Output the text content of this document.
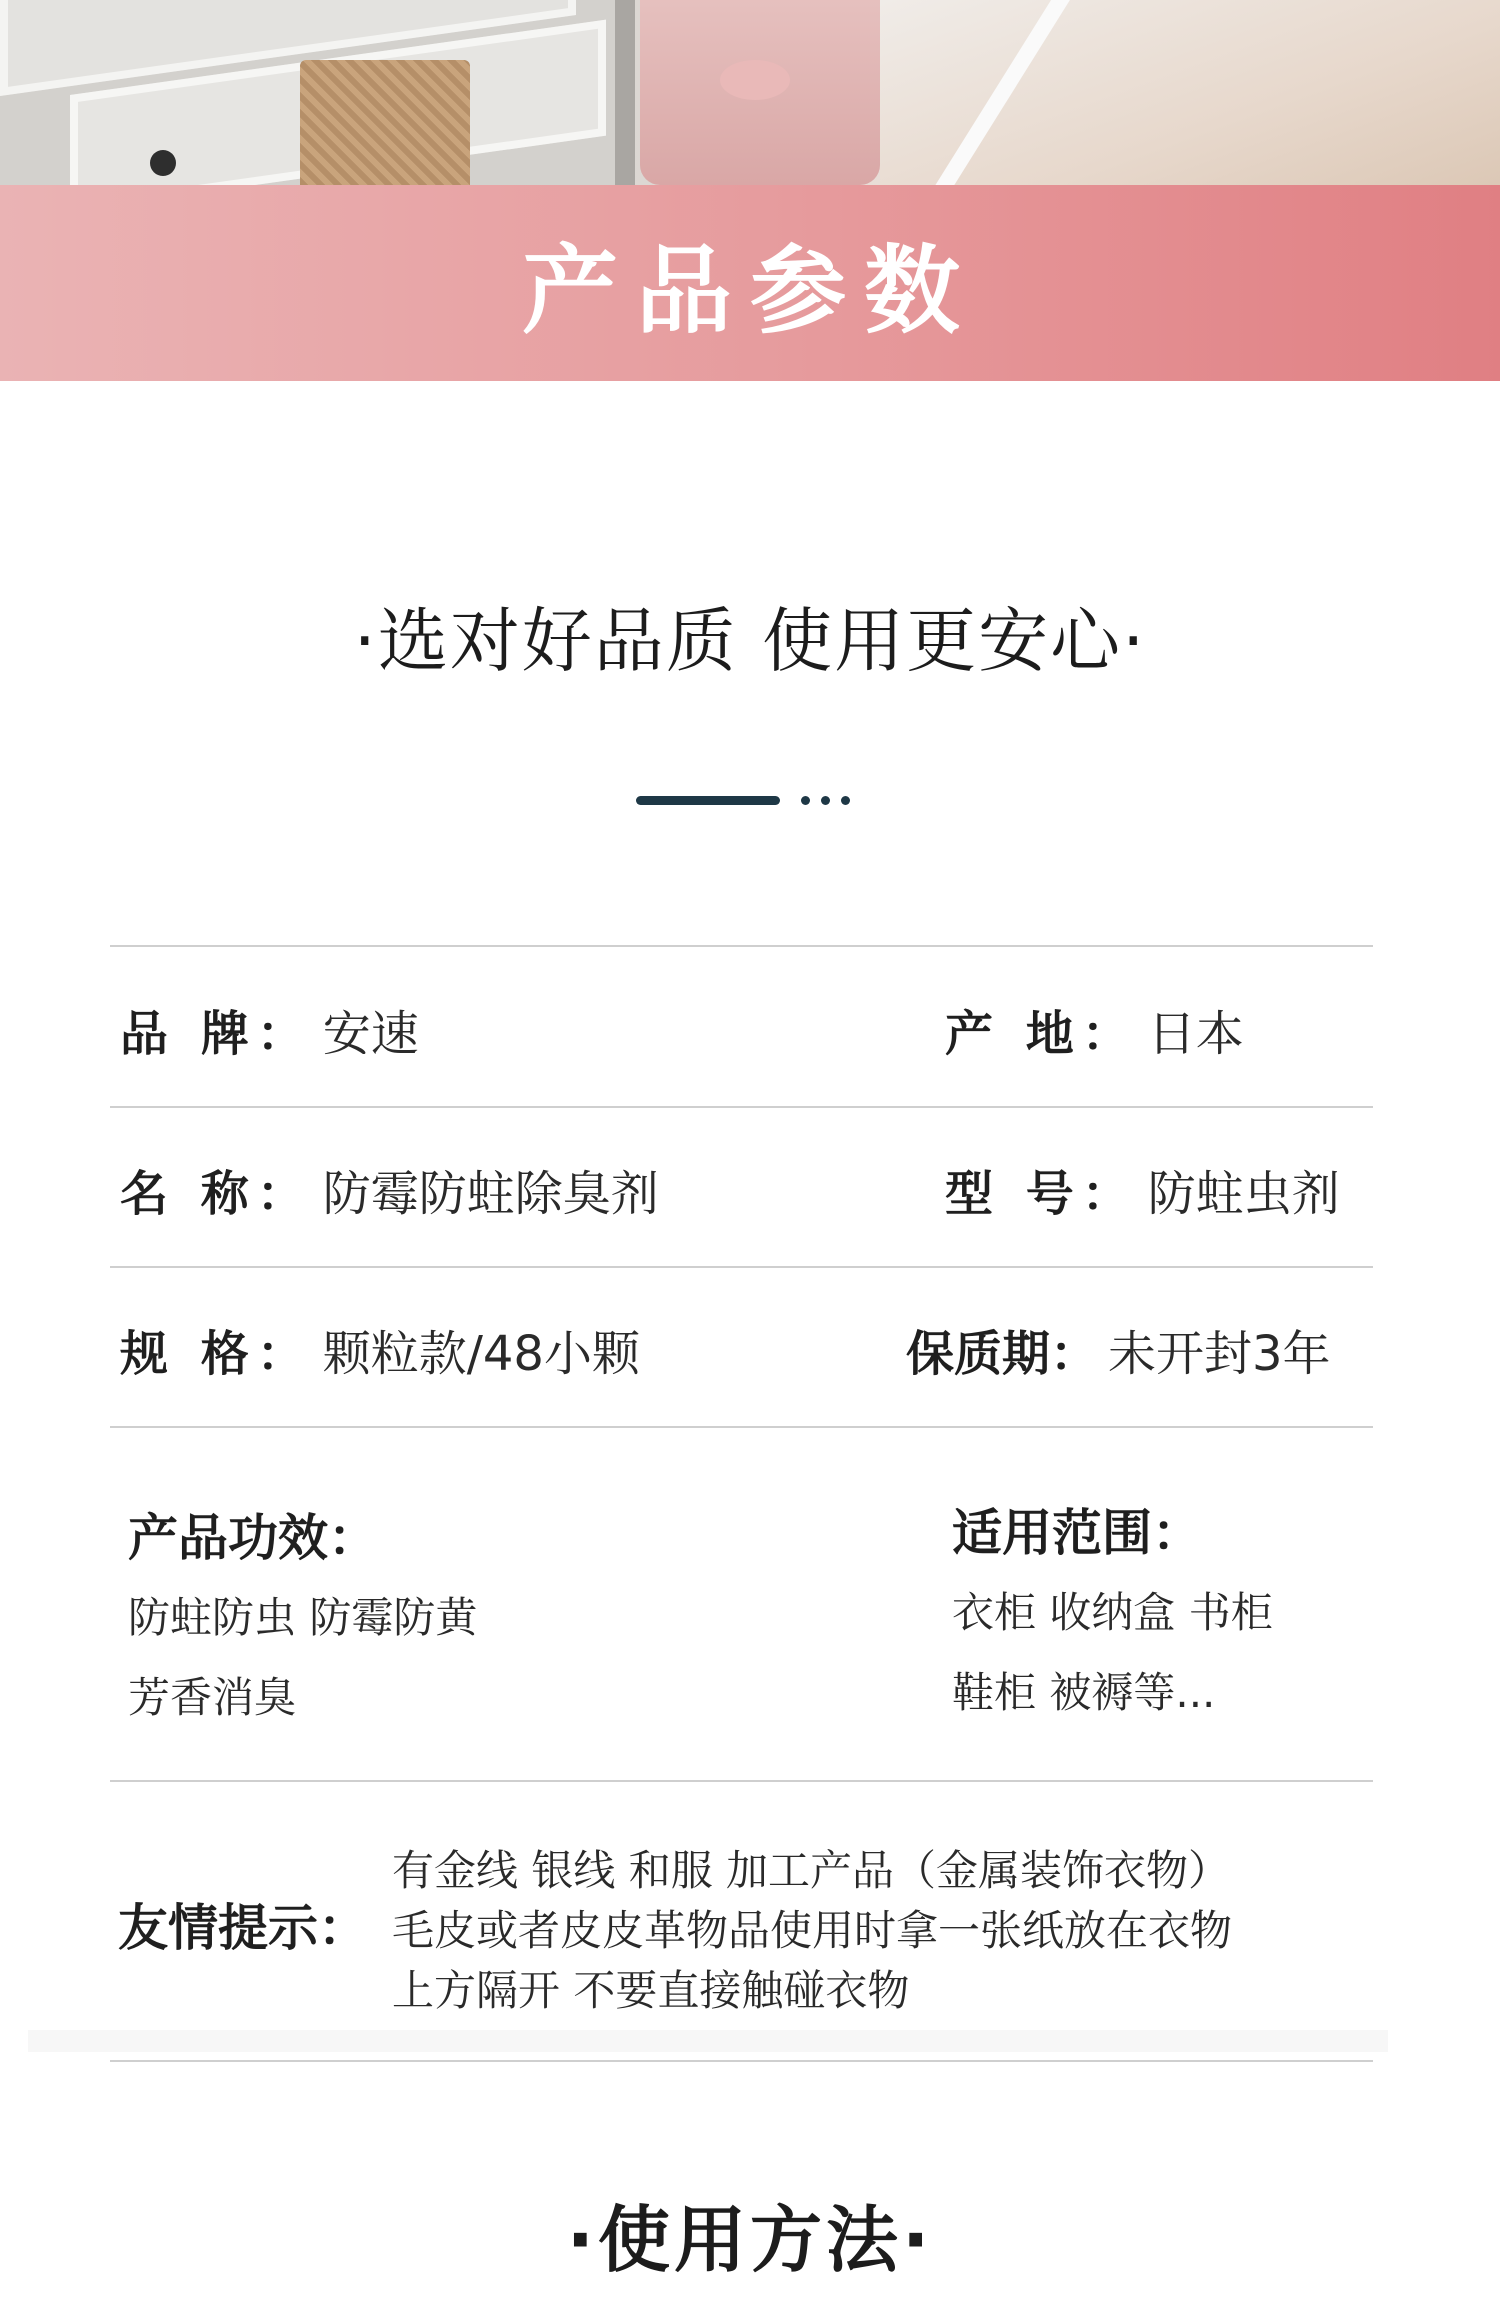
产品参数
·选对好品质 使用更安心·
品 牌： 安速	产 地： 日本
名 称： 防霉防蛀除臭剂	型 号： 防蛀虫剂
规 格： 颗粒款/48小颗	保质期： 未开封3年
产品功效：
防蛀防虫 防霉防黄
芳香消臭
适用范围：
衣柜 收纳盒 书柜
鞋柜 被褥等...
友情提示：
有金线 银线 和服 加工产品（金属装饰衣物）
毛皮或者皮皮革物品使用时拿一张纸放在衣物
上方隔开 不要直接触碰衣物
·使用方法·
